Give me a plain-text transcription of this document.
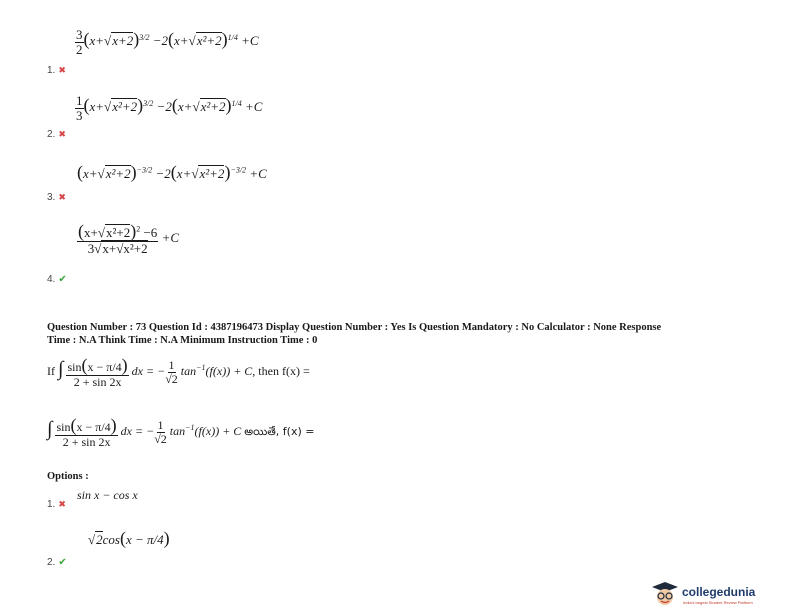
1. ✖
$\frac{3}{2} (x+√x+2)^{3/2} -2(x+√x^2+2)^{1/4} +C$
2. ✖
$\frac{1}{3} (x+√x^2+2)^{3/2} -2(x+√x^2+2)^{1/4} +C$
3. ✖
$(x+√x^2+2)^{-3/2} -2(x+√x^2+2)^{-3/2} +C$
4. ✔
$\frac{(x+√x^2+2)^2 -6}{\text{3√x+√x²+2}} +C$
Question Number : 73 Question Id : 4387196473 Display Question Number : Yes Is Question Mandatory : No Calculator : None Response
Time : N.A Think Time : N.A Minimum Instruction Time : 0
If ∫ $\frac{\sin(x - \pi/4)}{2 + \sin 2x}$ dx = − $\frac{1}{√2} \tan^{-1}(f(x)) + C$, then f(x) =
∫ $\frac{\sin(x - \pi/4)}{2 + \sin 2x}$ dx = − $\frac{1}{√2} \tan^{-1}(f(x)) + C$ అయితే, f(x) =
Options :
1. ✖
sin x − cos x
2. ✔
√2cos(x − π/4)
collegedunia
India's largest Student Review Platform
